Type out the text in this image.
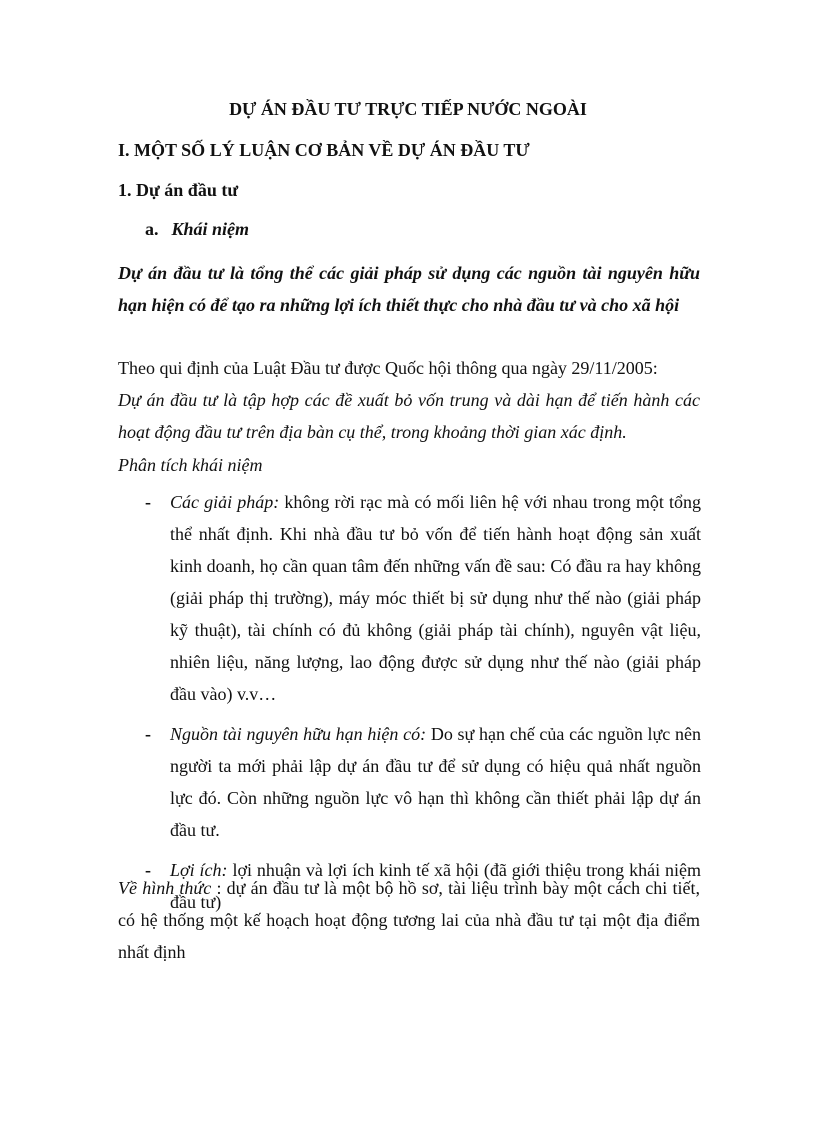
DỰ ÁN ĐẦU TƯ TRỰC TIẾP NƯỚC NGOÀI
I. MỘT SỐ LÝ LUẬN CƠ BẢN VỀ DỰ ÁN ĐẦU TƯ
1. Dự án đầu tư
a. Khái niệm

Dự án đầu tư là tổng thể các giải pháp sử dụng các nguồn tài nguyên hữu hạn hiện có để tạo ra những lợi ích thiết thực cho nhà đầu tư và cho xã hội

Theo qui định của Luật Đầu tư được Quốc hội thông qua ngày 29/11/2005:
Dự án đầu tư là tập hợp các đề xuất bỏ vốn trung và dài hạn để tiến hành các hoạt động đầu tư trên địa bàn cụ thể, trong khoảng thời gian xác định.

Phân tích khái niệm

- Các giải pháp: không rời rạc mà có mối liên hệ với nhau trong một tổng thể nhất định. Khi nhà đầu tư bỏ vốn để tiến hành hoạt động sản xuất kinh doanh, họ cần quan tâm đến những vấn đề sau: Có đầu ra hay không (giải pháp thị trường), máy móc thiết bị sử dụng như thế nào (giải pháp kỹ thuật), tài chính có đủ không (giải pháp tài chính), nguyên vật liệu, nhiên liệu, năng lượng, lao động được sử dụng như thế nào (giải pháp đầu vào) v.v…
- Nguồn tài nguyên hữu hạn hiện có: Do sự hạn chế của các nguồn lực nên người ta mới phải lập dự án đầu tư để sử dụng có hiệu quả nhất nguồn lực đó. Còn những nguồn lực vô hạn thì không cần thiết phải lập dự án đầu tư.
- Lợi ích: lợi nhuận và lợi ích kinh tế xã hội (đã giới thiệu trong khái niệm đầu tư)

Về hình thức : dự án đầu tư là một bộ hồ sơ, tài liệu trình bày một cách chi tiết, có hệ thống một kế hoạch hoạt động tương lai của nhà đầu tư tại một địa điểm nhất định
